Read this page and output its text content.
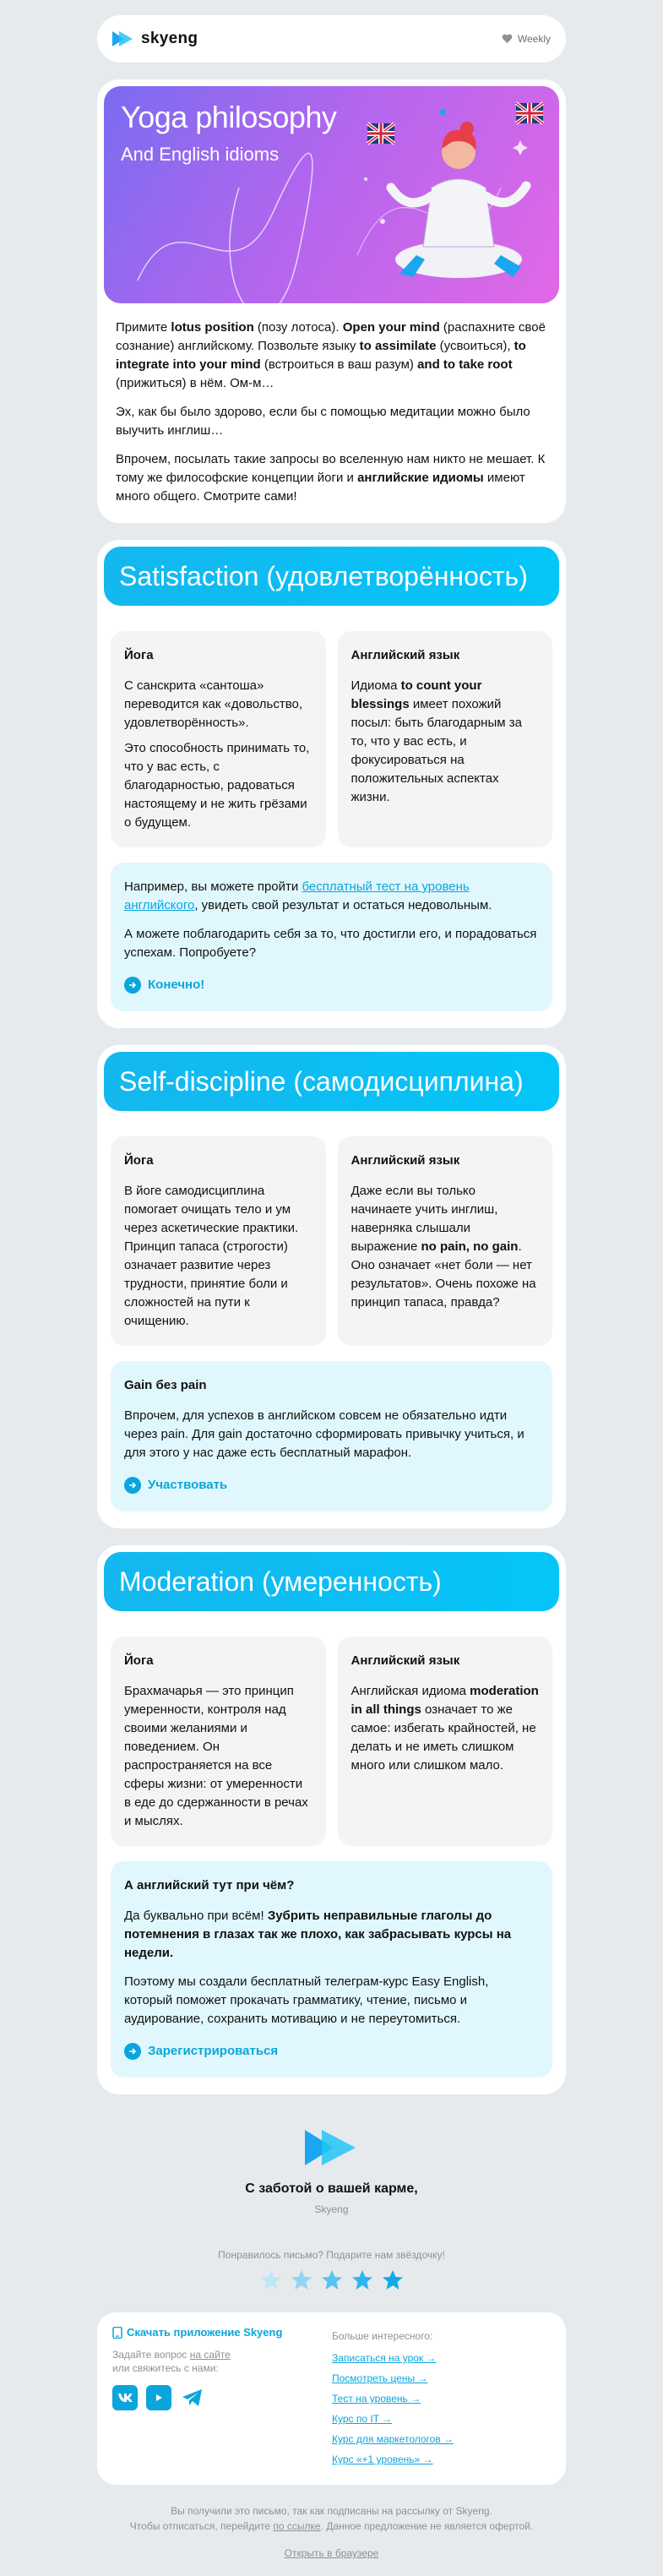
skyeng	Weekly
Yoga philosophy
And English idioms

Примите lotus position (позу лотоса). Open your mind (распахните своё сознание) английскому. Позвольте языку to assimilate (усвоиться), to integrate into your mind (встроиться в ваш разум) and to take root (прижиться) в нём. Ом-м…

Эх, как бы было здорово, если бы с помощью медитации можно было выучить инглиш…

Впрочем, посылать такие запросы во вселенную нам никто не мешает. К тому же философские концепции йоги и английские идиомы имеют много общего. Смотрите сами!

Satisfaction (удовлетворённость)
Йога

С санскрита «сантоша» переводится как «довольство, удовлетворённость».

Это способность принимать то, что у вас есть, с благодарностью, радоваться настоящему и не жить грёзами о будущем.

Английский язык

Идиома to count your blessings имеет похожий посыл: быть благодарным за то, что у вас есть, и фокусироваться на положительных аспектах жизни.

Например, вы можете пройти бесплатный тест на уровень английского, увидеть свой результат и остаться недовольным.

А можете поблагодарить себя за то, что достигли его, и порадоваться успехам. Попробуете?

Конечно!
Self-discipline (самодисциплина)
Йога

В йоге самодисциплина помогает очищать тело и ум через аскетические практики. Принцип тапаса (строгости) означает развитие через трудности, принятие боли и сложностей на пути к очищению.

Английский язык

Даже если вы только начинаете учить инглиш, наверняка слышали выражение no pain, no gain. Оно означает «нет боли — нет результатов». Очень похоже на принцип тапаса, правда?

Gain без pain

Впрочем, для успехов в английском совсем не обязательно идти через pain. Для gain достаточно сформировать привычку учиться, и для этого у нас даже есть бесплатный марафон.

Участвовать
Moderation (умеренность)
Йога

Брахмачарья — это принцип умеренности, контроля над своими желаниями и поведением. Он распространяется на все сферы жизни: от умеренности в еде до сдержанности в речах и мыслях.

Английский язык

Английская идиома moderation in all things означает то же самое: избегать крайностей, не делать и не иметь слишком много или слишком мало.

А английский тут при чём?

Да буквально при всём! Зубрить неправильные глаголы до потемнения в глазах так же плохо, как забрасывать курсы на недели.

Поэтому мы создали бесплатный телеграм-курс Easy English, который поможет прокачать грамматику, чтение, письмо и аудирование, сохранить мотивацию и не переутомиться.

Зарегистрироваться
С заботой о вашей карме,
Skyeng
Понравилось письмо? Подарите нам звёздочку!
Скачать приложение Skyeng
Задайте вопрос на сайте
или свяжитесь с нами:
Больше интересного:
Записаться на урок →
Посмотреть цены →
Тест на уровень →
Курс по IT →
Курс для маркетологов →
Курс «+1 уровень» →
Вы получили это письмо, так как подписаны на рассылку от Skyeng.
Чтобы отписаться, перейдите по ссылке. Данное предложение не является офертой.
Открыть в браузере
